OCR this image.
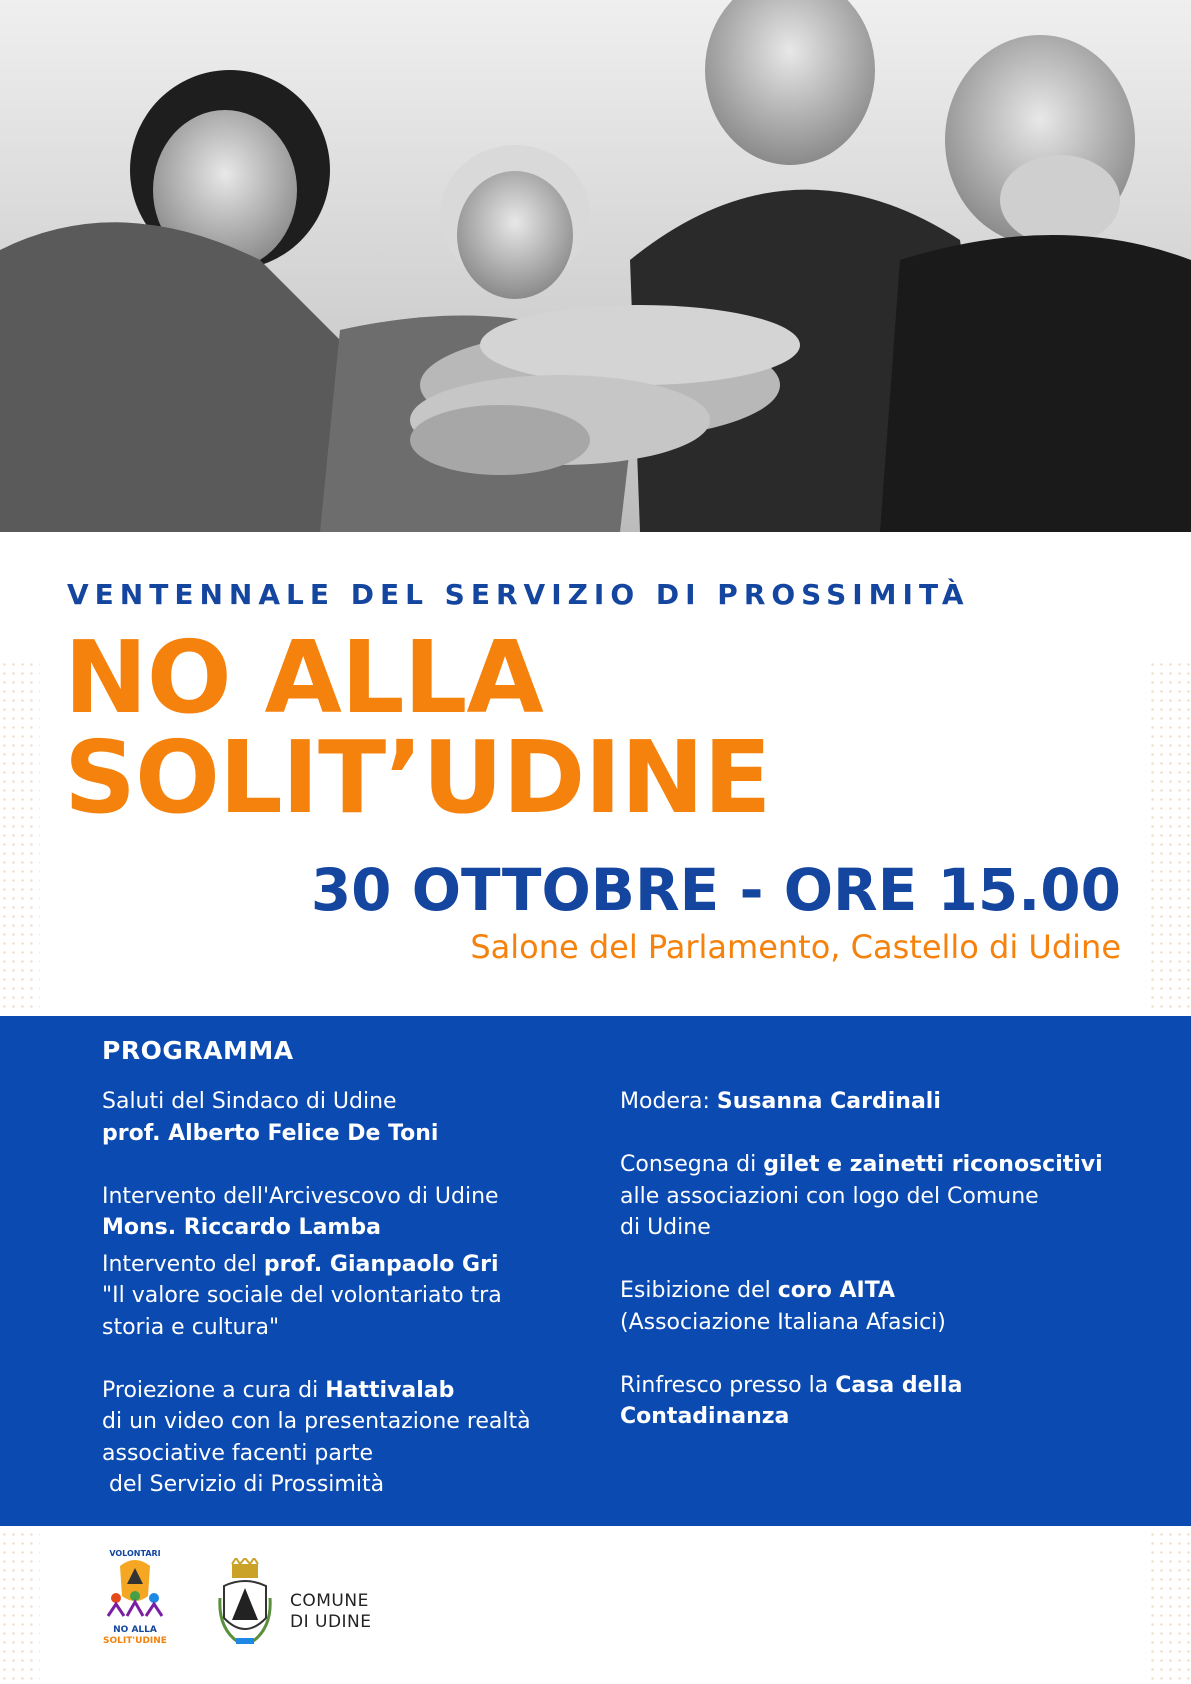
VENTENNALE DEL SERVIZIO DI PROSSIMITÀ
NO ALLA
SOLIT’UDINE
30 OTTOBRE - ORE 15.00
Salone del Parlamento, Castello di Udine
PROGRAMMA
Saluti del Sindaco di Udine
prof. Alberto Felice De Toni
Intervento dell'Arcivescovo di Udine
Mons. Riccardo Lamba
Intervento del prof. Gianpaolo Gri
"Il valore sociale del volontariato tra storia e cultura"
Proiezione a cura di Hattivalab
di un video con la presentazione realtà associative facenti parte
del Servizio di Prossimità
Modera: Susanna Cardinali
Consegna di gilet e zainetti riconoscitivi
alle associazioni con logo del Comune
di Udine
Esibizione del coro AITA
(Associazione Italiana Afasici)
Rinfresco presso la Casa della Contadinanza
VOLONTARI
NO ALLA
SOLIT'UDINE
COMUNE
DI UDINE
